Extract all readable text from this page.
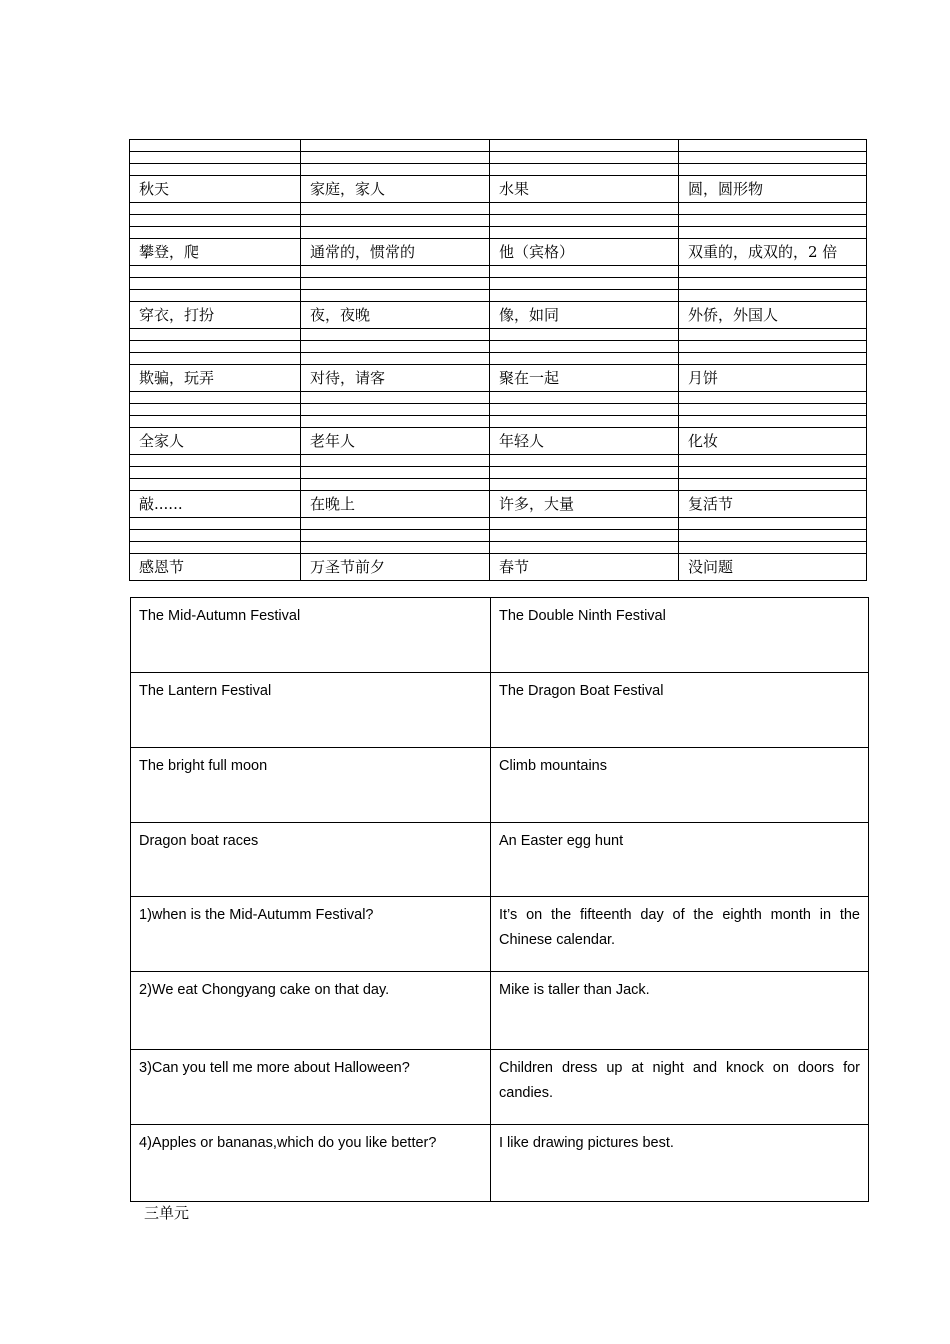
秋天	家庭，家人	水果	圆，圆形物

攀登，爬	通常的，惯常的	他（宾格）	双重的，成双的，2 倍

穿衣，打扮	夜，夜晚	像，如同	外侨，外国人

欺骗，玩弄	对待，请客	聚在一起	月饼

全家人	老年人	年轻人	化妆

敲......	在晚上	许多，大量	复活节

感恩节	万圣节前夕	春节	没问题
The Mid-Autumn Festival	The Double Ninth Festival
The Lantern Festival	The Dragon Boat Festival
The bright full moon	Climb mountains
Dragon boat races	An Easter egg hunt
1)when is the Mid-Autumm Festival?	It’s on the fifteenth day of the eighth month in the Chinese calendar.
2)We eat Chongyang cake on that day.	Mike is taller than Jack.
3)Can you tell me more about Halloween?	Children dress up at night and knock on doors for candies.
4)Apples or bananas,which do you like better?	I like drawing pictures best.
三单元
